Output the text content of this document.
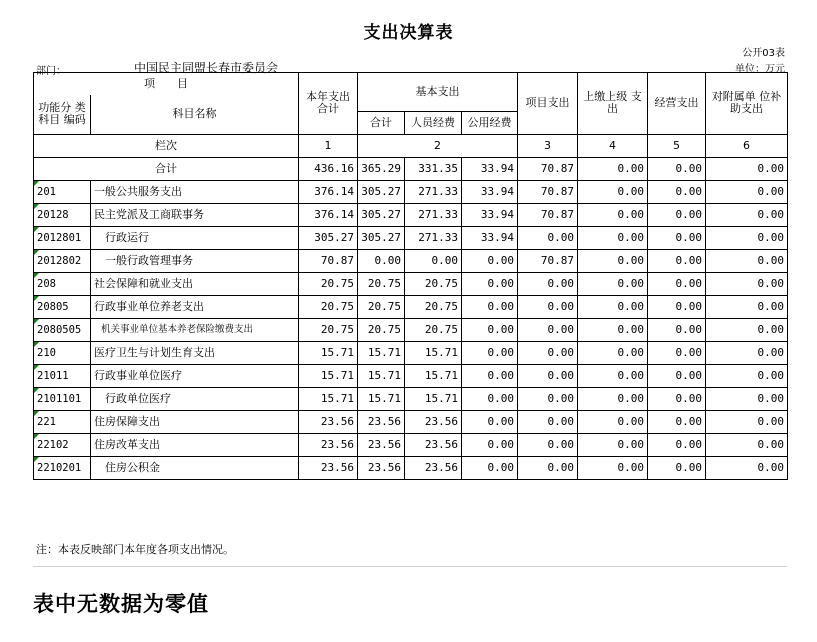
支出决算表
部门：	中国民主同盟长春市委员会
公开03表
单位：万元
项　　目		本年支出 合计	基本支出			项目支出	上缴上级 支出	经营支出	对附属单 位补助支出
功能分 类科目 编码	科目名称								
			合计	人员经费	公用经费				
栏次		1	2			3	4	5	6
合计		436.16	365.29	331.35	33.94	70.87	0.00	0.00	0.00
201	一般公共服务支出	376.14	305.27	271.33	33.94	70.87	0.00	0.00	0.00
20128	民主党派及工商联事务	376.14	305.27	271.33	33.94	70.87	0.00	0.00	0.00
2012801	行政运行	305.27	305.27	271.33	33.94	0.00	0.00	0.00	0.00
2012802	一般行政管理事务	70.87	0.00	0.00	0.00	70.87	0.00	0.00	0.00
208	社会保障和就业支出	20.75	20.75	20.75	0.00	0.00	0.00	0.00	0.00
20805	行政事业单位养老支出	20.75	20.75	20.75	0.00	0.00	0.00	0.00	0.00
2080505	机关事业单位基本养老保险缴费支出	20.75	20.75	20.75	0.00	0.00	0.00	0.00	0.00
210	医疗卫生与计划生育支出	15.71	15.71	15.71	0.00	0.00	0.00	0.00	0.00
21011	行政事业单位医疗	15.71	15.71	15.71	0.00	0.00	0.00	0.00	0.00
2101101	行政单位医疗	15.71	15.71	15.71	0.00	0.00	0.00	0.00	0.00
221	住房保障支出	23.56	23.56	23.56	0.00	0.00	0.00	0.00	0.00
22102	住房改革支出	23.56	23.56	23.56	0.00	0.00	0.00	0.00	0.00
2210201	住房公积金	23.56	23.56	23.56	0.00	0.00	0.00	0.00	0.00
注：本表反映部门本年度各项支出情况。
表中无数据为零值
